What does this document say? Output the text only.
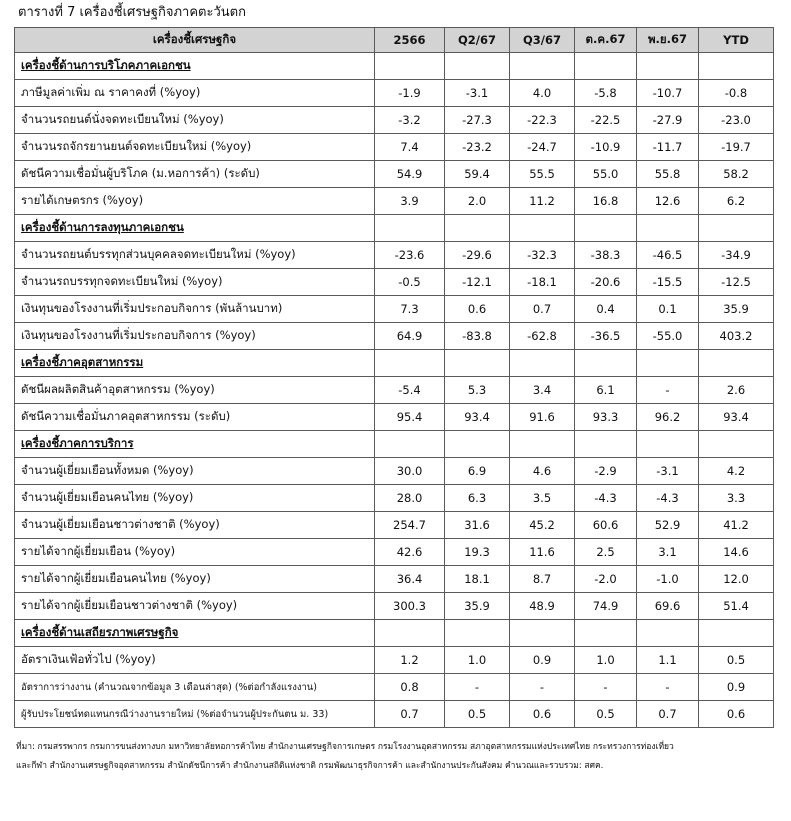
ตารางที่ 7 เครื่องชี้เศรษฐกิจภาคตะวันตก
เครื่องชี้เศรษฐกิจ	2566	Q2/67	Q3/67	ต.ค.67	พ.ย.67	YTD
เครื่องชี้ด้านการบริโภคภาคเอกชน						
ภาษีมูลค่าเพิ่ม ณ ราคาคงที่ (%yoy)	-1.9	-3.1	4.0	-5.8	-10.7	-0.8
จำนวนรถยนต์นั่งจดทะเบียนใหม่ (%yoy)	-3.2	-27.3	-22.3	-22.5	-27.9	-23.0
จำนวนรถจักรยานยนต์จดทะเบียนใหม่ (%yoy)	7.4	-23.2	-24.7	-10.9	-11.7	-19.7
ดัชนีความเชื่อมั่นผู้บริโภค (ม.หอการค้า) (ระดับ)	54.9	59.4	55.5	55.0	55.8	58.2
รายได้เกษตรกร (%yoy)	3.9	2.0	11.2	16.8	12.6	6.2
เครื่องชี้ด้านการลงทุนภาคเอกชน						
จำนวนรถยนต์บรรทุกส่วนบุคคลจดทะเบียนใหม่ (%yoy)	-23.6	-29.6	-32.3	-38.3	-46.5	-34.9
จำนวนรถบรรทุกจดทะเบียนใหม่ (%yoy)	-0.5	-12.1	-18.1	-20.6	-15.5	-12.5
เงินทุนของโรงงานที่เริ่มประกอบกิจการ (พันล้านบาท)	7.3	0.6	0.7	0.4	0.1	35.9
เงินทุนของโรงงานที่เริ่มประกอบกิจการ (%yoy)	64.9	-83.8	-62.8	-36.5	-55.0	403.2
เครื่องชี้ภาคอุตสาหกรรม						
ดัชนีผลผลิตสินค้าอุตสาหกรรม (%yoy)	-5.4	5.3	3.4	6.1	-	2.6
ดัชนีความเชื่อมั่นภาคอุตสาหกรรม (ระดับ)	95.4	93.4	91.6	93.3	96.2	93.4
เครื่องชี้ภาคการบริการ						
จำนวนผู้เยี่ยมเยือนทั้งหมด (%yoy)	30.0	6.9	4.6	-2.9	-3.1	4.2
จำนวนผู้เยี่ยมเยือนคนไทย (%yoy)	28.0	6.3	3.5	-4.3	-4.3	3.3
จำนวนผู้เยี่ยมเยือนชาวต่างชาติ (%yoy)	254.7	31.6	45.2	60.6	52.9	41.2
รายได้จากผู้เยี่ยมเยือน (%yoy)	42.6	19.3	11.6	2.5	3.1	14.6
รายได้จากผู้เยี่ยมเยือนคนไทย (%yoy)	36.4	18.1	8.7	-2.0	-1.0	12.0
รายได้จากผู้เยี่ยมเยือนชาวต่างชาติ (%yoy)	300.3	35.9	48.9	74.9	69.6	51.4
เครื่องชี้ด้านเสถียรภาพเศรษฐกิจ						
อัตราเงินเฟ้อทั่วไป (%yoy)	1.2	1.0	0.9	1.0	1.1	0.5
อัตราการว่างงาน (คำนวณจากข้อมูล 3 เดือนล่าสุด) (%ต่อกำลังแรงงาน)	0.8	-	-	-	-	0.9
ผู้รับประโยชน์ทดแทนกรณีว่างงานรายใหม่ (%ต่อจำนวนผู้ประกันตน ม. 33)	0.7	0.5	0.6	0.5	0.7	0.6

ที่มา: กรมสรรพากร กรมการขนส่งทางบก มหาวิทยาลัยหอการค้าไทย สำนักงานเศรษฐกิจการเกษตร กรมโรงงานอุตสาหกรรม สภาอุตสาหกรรมแห่งประเทศไทย กระทรวงการท่องเที่ยว

และกีฬา สำนักงานเศรษฐกิจอุตสาหกรรม สำนักดัชนีการค้า สำนักงานสถิติแห่งชาติ กรมพัฒนาธุรกิจการค้า และสำนักงานประกันสังคม คำนวณและรวบรวม: สศค.
